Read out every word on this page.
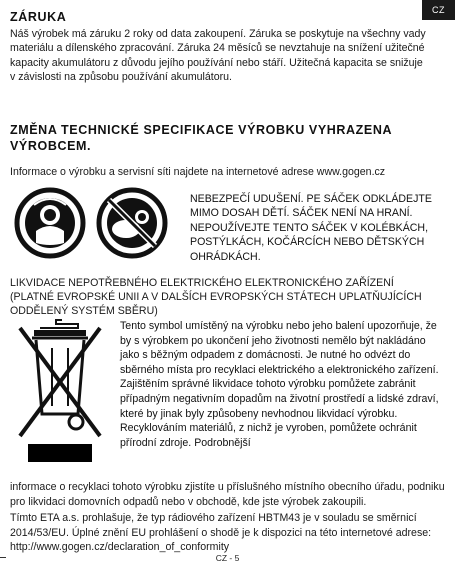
CZ

ZÁRUKA

Náš výrobek má záruku 2 roky od data zakoupení. Záruka se poskytuje na všechny vady materiálu a dílenského zpracování. Záruka 24 měsíců se nevztahuje na snížení užitečné kapacity akumulátoru z důvodu jejího používání nebo stáří. Užitečná kapacita se snižuje v závislosti na způsobu používání akumulátoru.

ZMĚNA TECHNICKÉ SPECIFIKACE VÝROBKU VYHRAZENA VÝROBCEM.

Informace o výrobku a servisní síti najdete na internetové adrese www.gogen.cz

NEBEZPEČÍ UDUŠENÍ. PE SÁČEK ODKLÁDEJTE MIMO DOSAH DĚTÍ. SÁČEK NENÍ NA HRANÍ. NEPOUŽÍVEJTE TENTO SÁČEK V KOLÉBKÁCH, POSTÝLKÁCH, KOČÁRCÍCH NEBO DĚTSKÝCH OHRÁDKÁCH.

LIKVIDACE NEPOTŘEBNÉHO ELEKTRICKÉHO ELEKTRONICKÉHO ZAŘÍZENÍ (PLATNÉ EVROPSKÉ UNII A V DALŠÍCH EVROPSKÝCH STÁTECH UPLATŇUJÍCÍCH ODDĚLENÝ SYSTÉM SBĚRU)

Tento symbol umístěný na výrobku nebo jeho balení upozorňuje, že by s výrobkem po ukončení jeho životnosti nemělo být nakládáno jako s běžným odpadem z domácnosti. Je nutné ho odvézt do sběrného místa pro recyklaci elektrického a elektronického zařízení. Zajištěním správné likvidace tohoto výrobku pomůžete zabránit případným negativním dopadům na životní prostředí a lidské zdraví, které by jinak byly způsobeny nevhodnou likvidací výrobku. Recyklováním materiálů, z nichž je vyroben, pomůžete ochránit přírodní zdroje. Podrobnější

informace o recyklaci tohoto výrobku zjistíte u příslušného místního obecního úřadu, podniku pro likvidaci domovních odpadů nebo v obchodě, kde jste výrobek zakoupili.

Tímto ETA a.s. prohlašuje, že typ rádiového zařízení HBTM43 je v souladu se směrnicí 2014/53/EU. Úplné znění EU prohlášení o shodě je k dispozici na této internetové adrese: http://www.gogen.cz/declaration_of_conformity

CZ - 5
